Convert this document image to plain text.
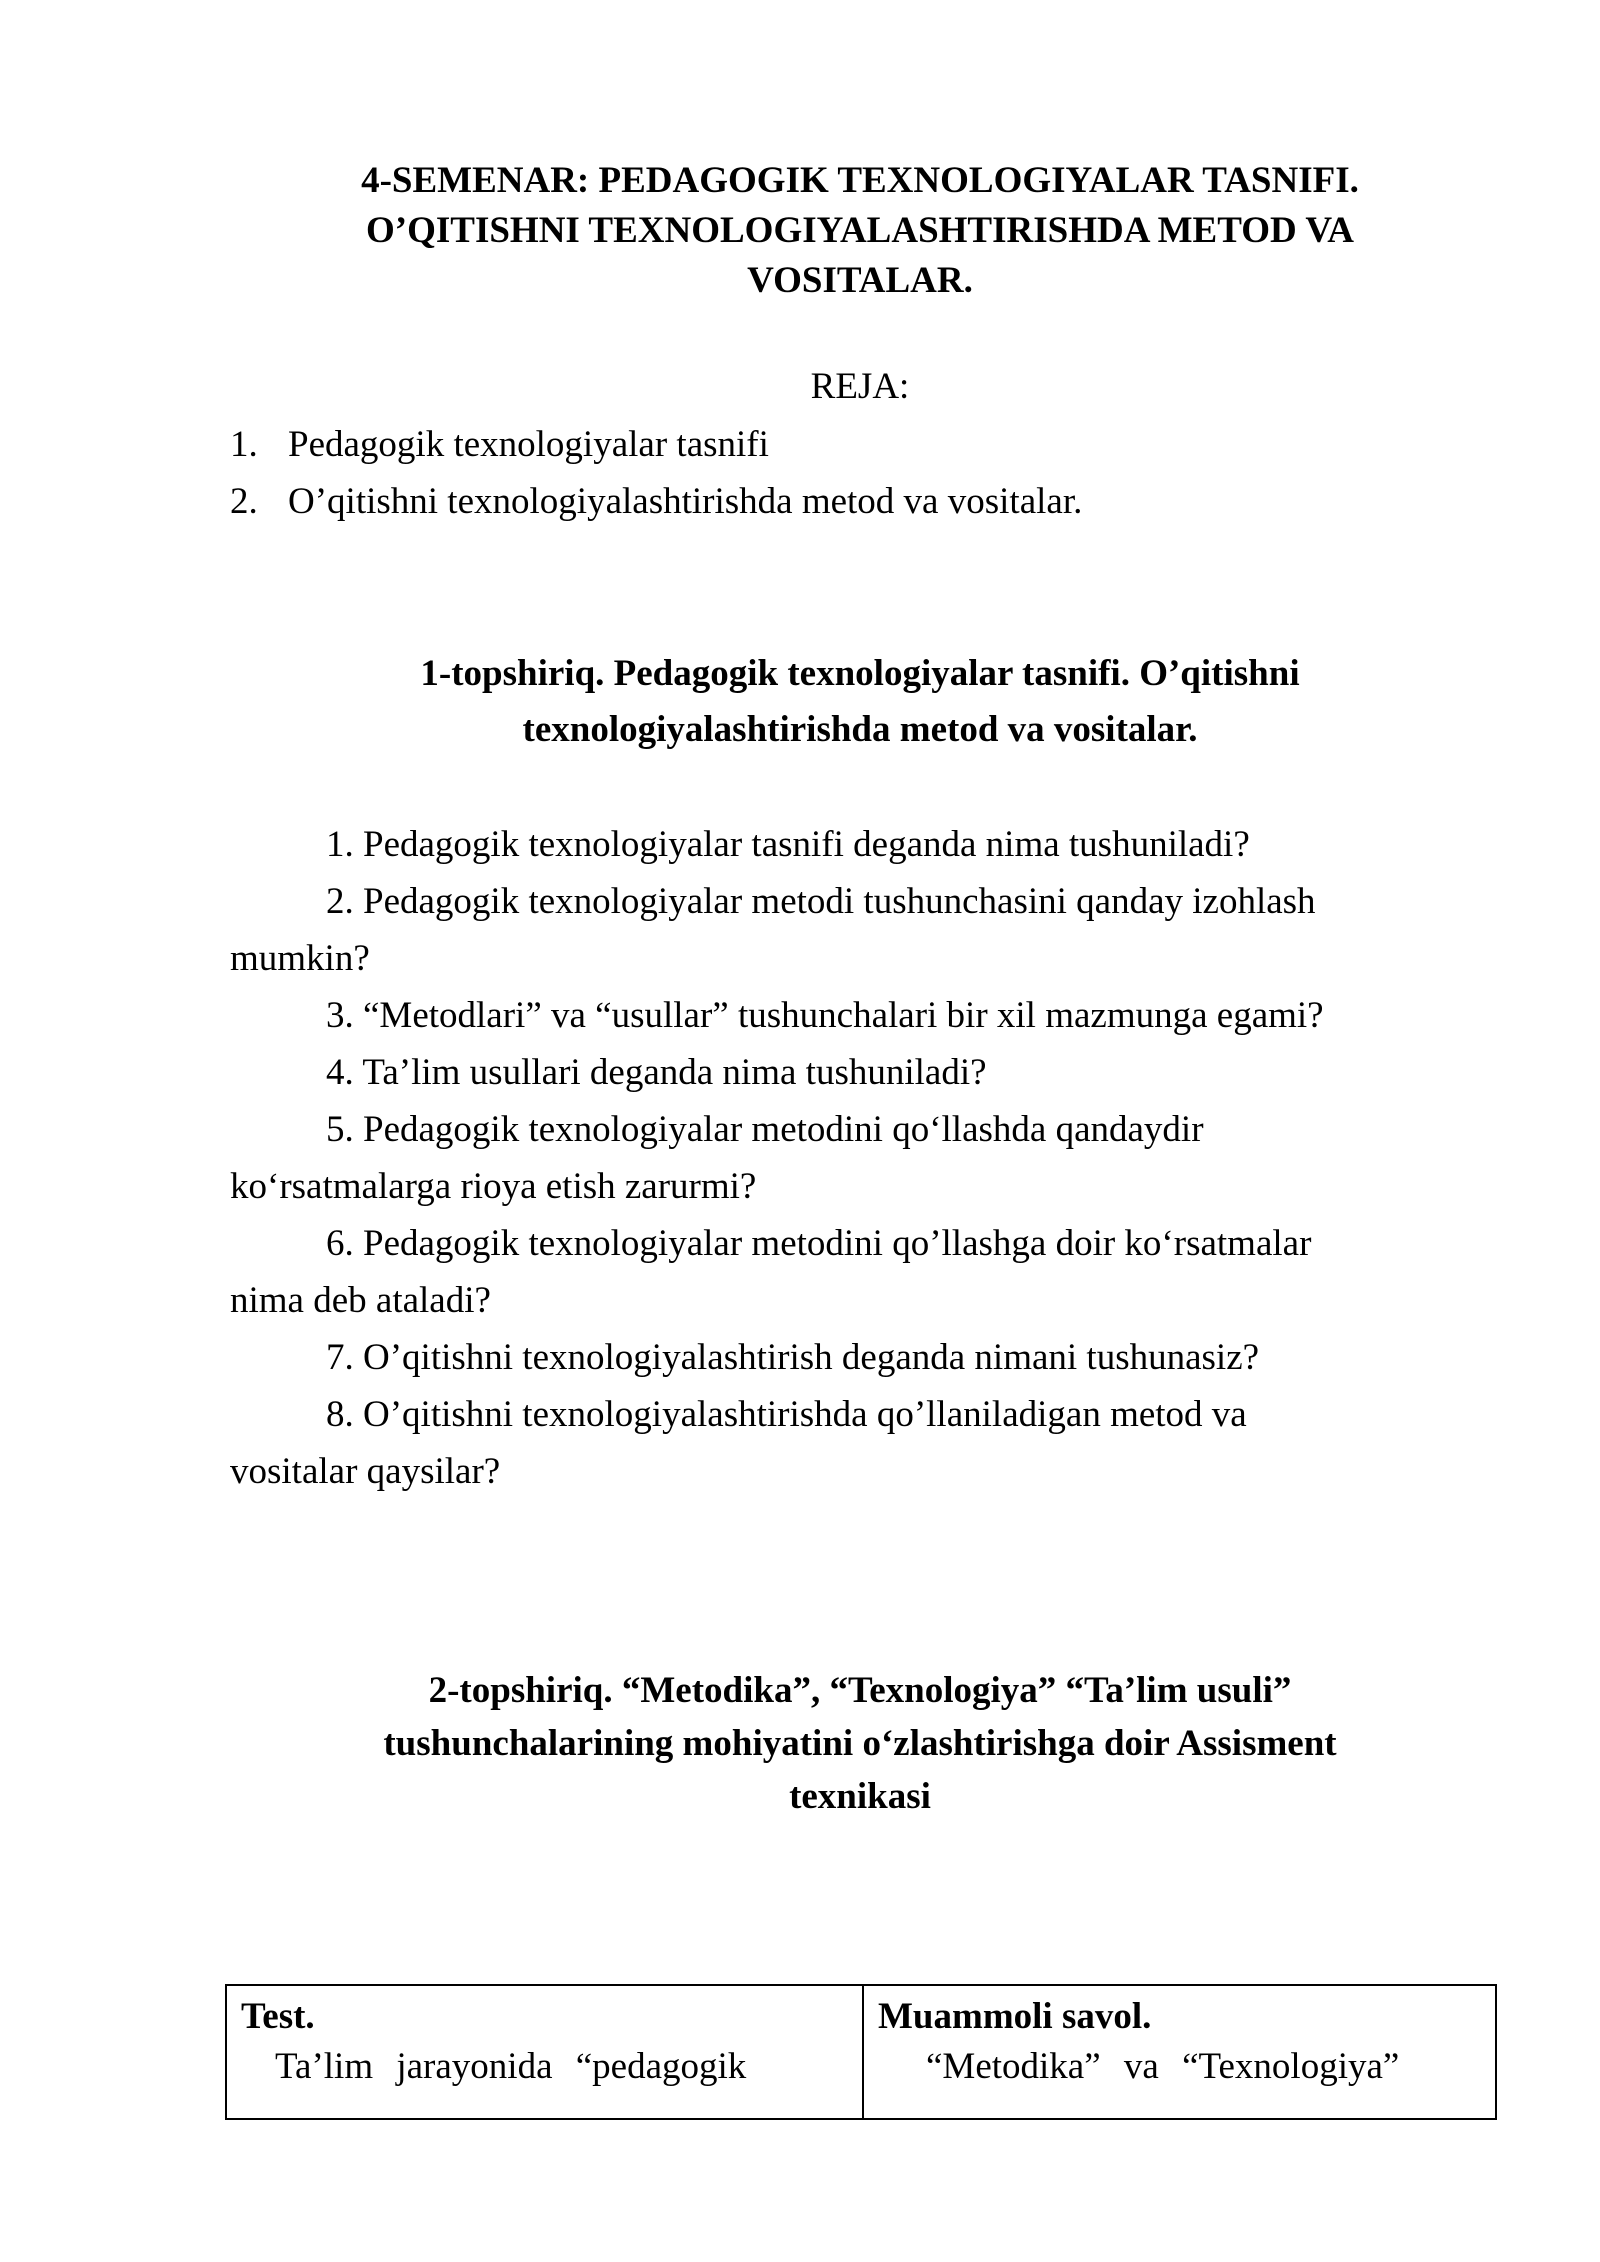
4-SEMENAR: PEDAGOGIK TEXNOLOGIYALAR TASNIFI.
O’QITISHNI TEXNOLOGIYALASHTIRISHDA METOD VA
VOSITALAR.
REJA:
1. Pedagogik texnologiyalar tasnifi
2. O’qitishni texnologiyalashtirishda metod va vositalar.
1-topshiriq. Pedagogik texnologiyalar tasnifi. O’qitishni
texnologiyalashtirishda metod va vositalar.
1. Pedagogik texnologiyalar tasnifi deganda nima tushuniladi?
2. Pedagogik texnologiyalar metodi tushunchasini qanday izohlash
mumkin?
3. “Metodlari” va “usullar” tushunchalari bir xil mazmunga egami?
4. Ta’lim usullari deganda nima tushuniladi?
5. Pedagogik texnologiyalar metodini qo‘llashda qandaydir
ko‘rsatmalarga rioya etish zarurmi?
6. Pedagogik texnologiyalar metodini qo’llashga doir ko‘rsatmalar
nima deb ataladi?
7. O’qitishni texnologiyalashtirish deganda nimani tushunasiz?
8. O’qitishni texnologiyalashtirishda qo’llaniladigan metod va
vositalar qaysilar?
2-topshiriq. “Metodika”, “Texnologiya” “Ta’lim usuli”
tushunchalarining mohiyatini o‘zlashtirishga doir Assisment
texnikasi
Test.
Ta’lim jarayonida “pedagogik
Muammoli savol.
“Metodika” va “Texnologiya”
